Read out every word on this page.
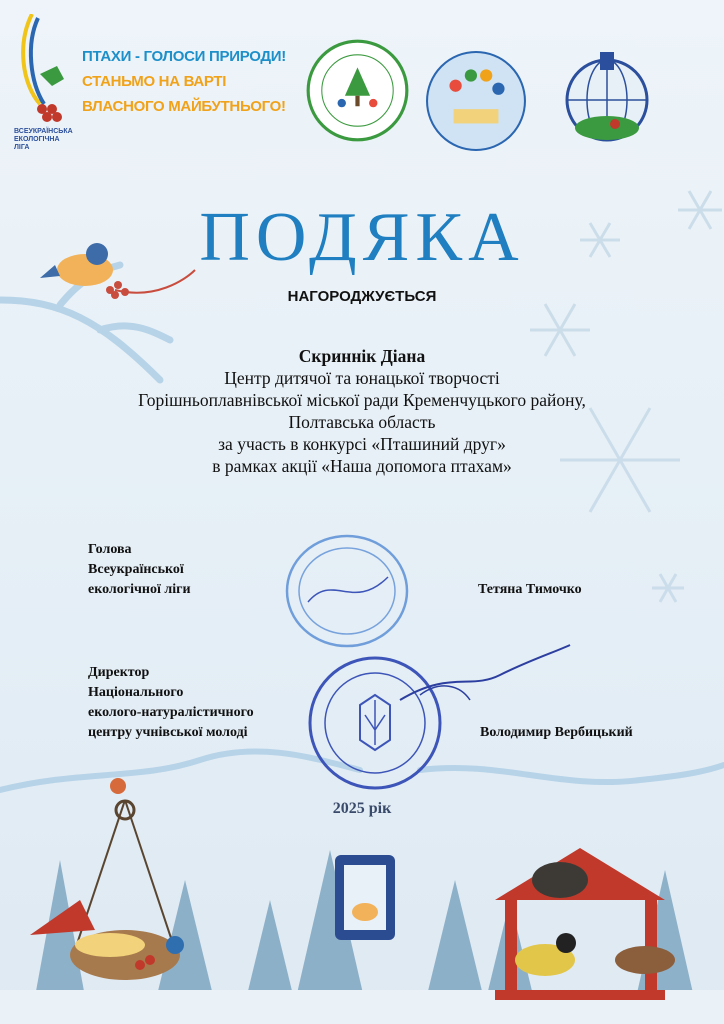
ВСЕУКРАЇНСЬКА
ЕКОЛОГІЧНА
ЛІГА
ПТАХИ - ГОЛОСИ ПРИРОДИ!
СТАНЬМО НА ВАРТІ
ВЛАСНОГО МАЙБУТНЬОГО!
ПОДЯКА
НАГОРОДЖУЄТЬСЯ
Скриннік Діана
Центр дитячої та юнацької творчості
Горішньоплавнівської міської ради Кременчуцького району,
Полтавська область
за участь в конкурсі «Пташиний друг»
в рамках акції «Наша допомога птахам»
Голова
Всеукраїнської
екологічної ліги	Тетяна Тимочко
Директор
Національного
еколого-натуралістичного
центру учнівської молоді	Володимир Вербицький
2025 рік
